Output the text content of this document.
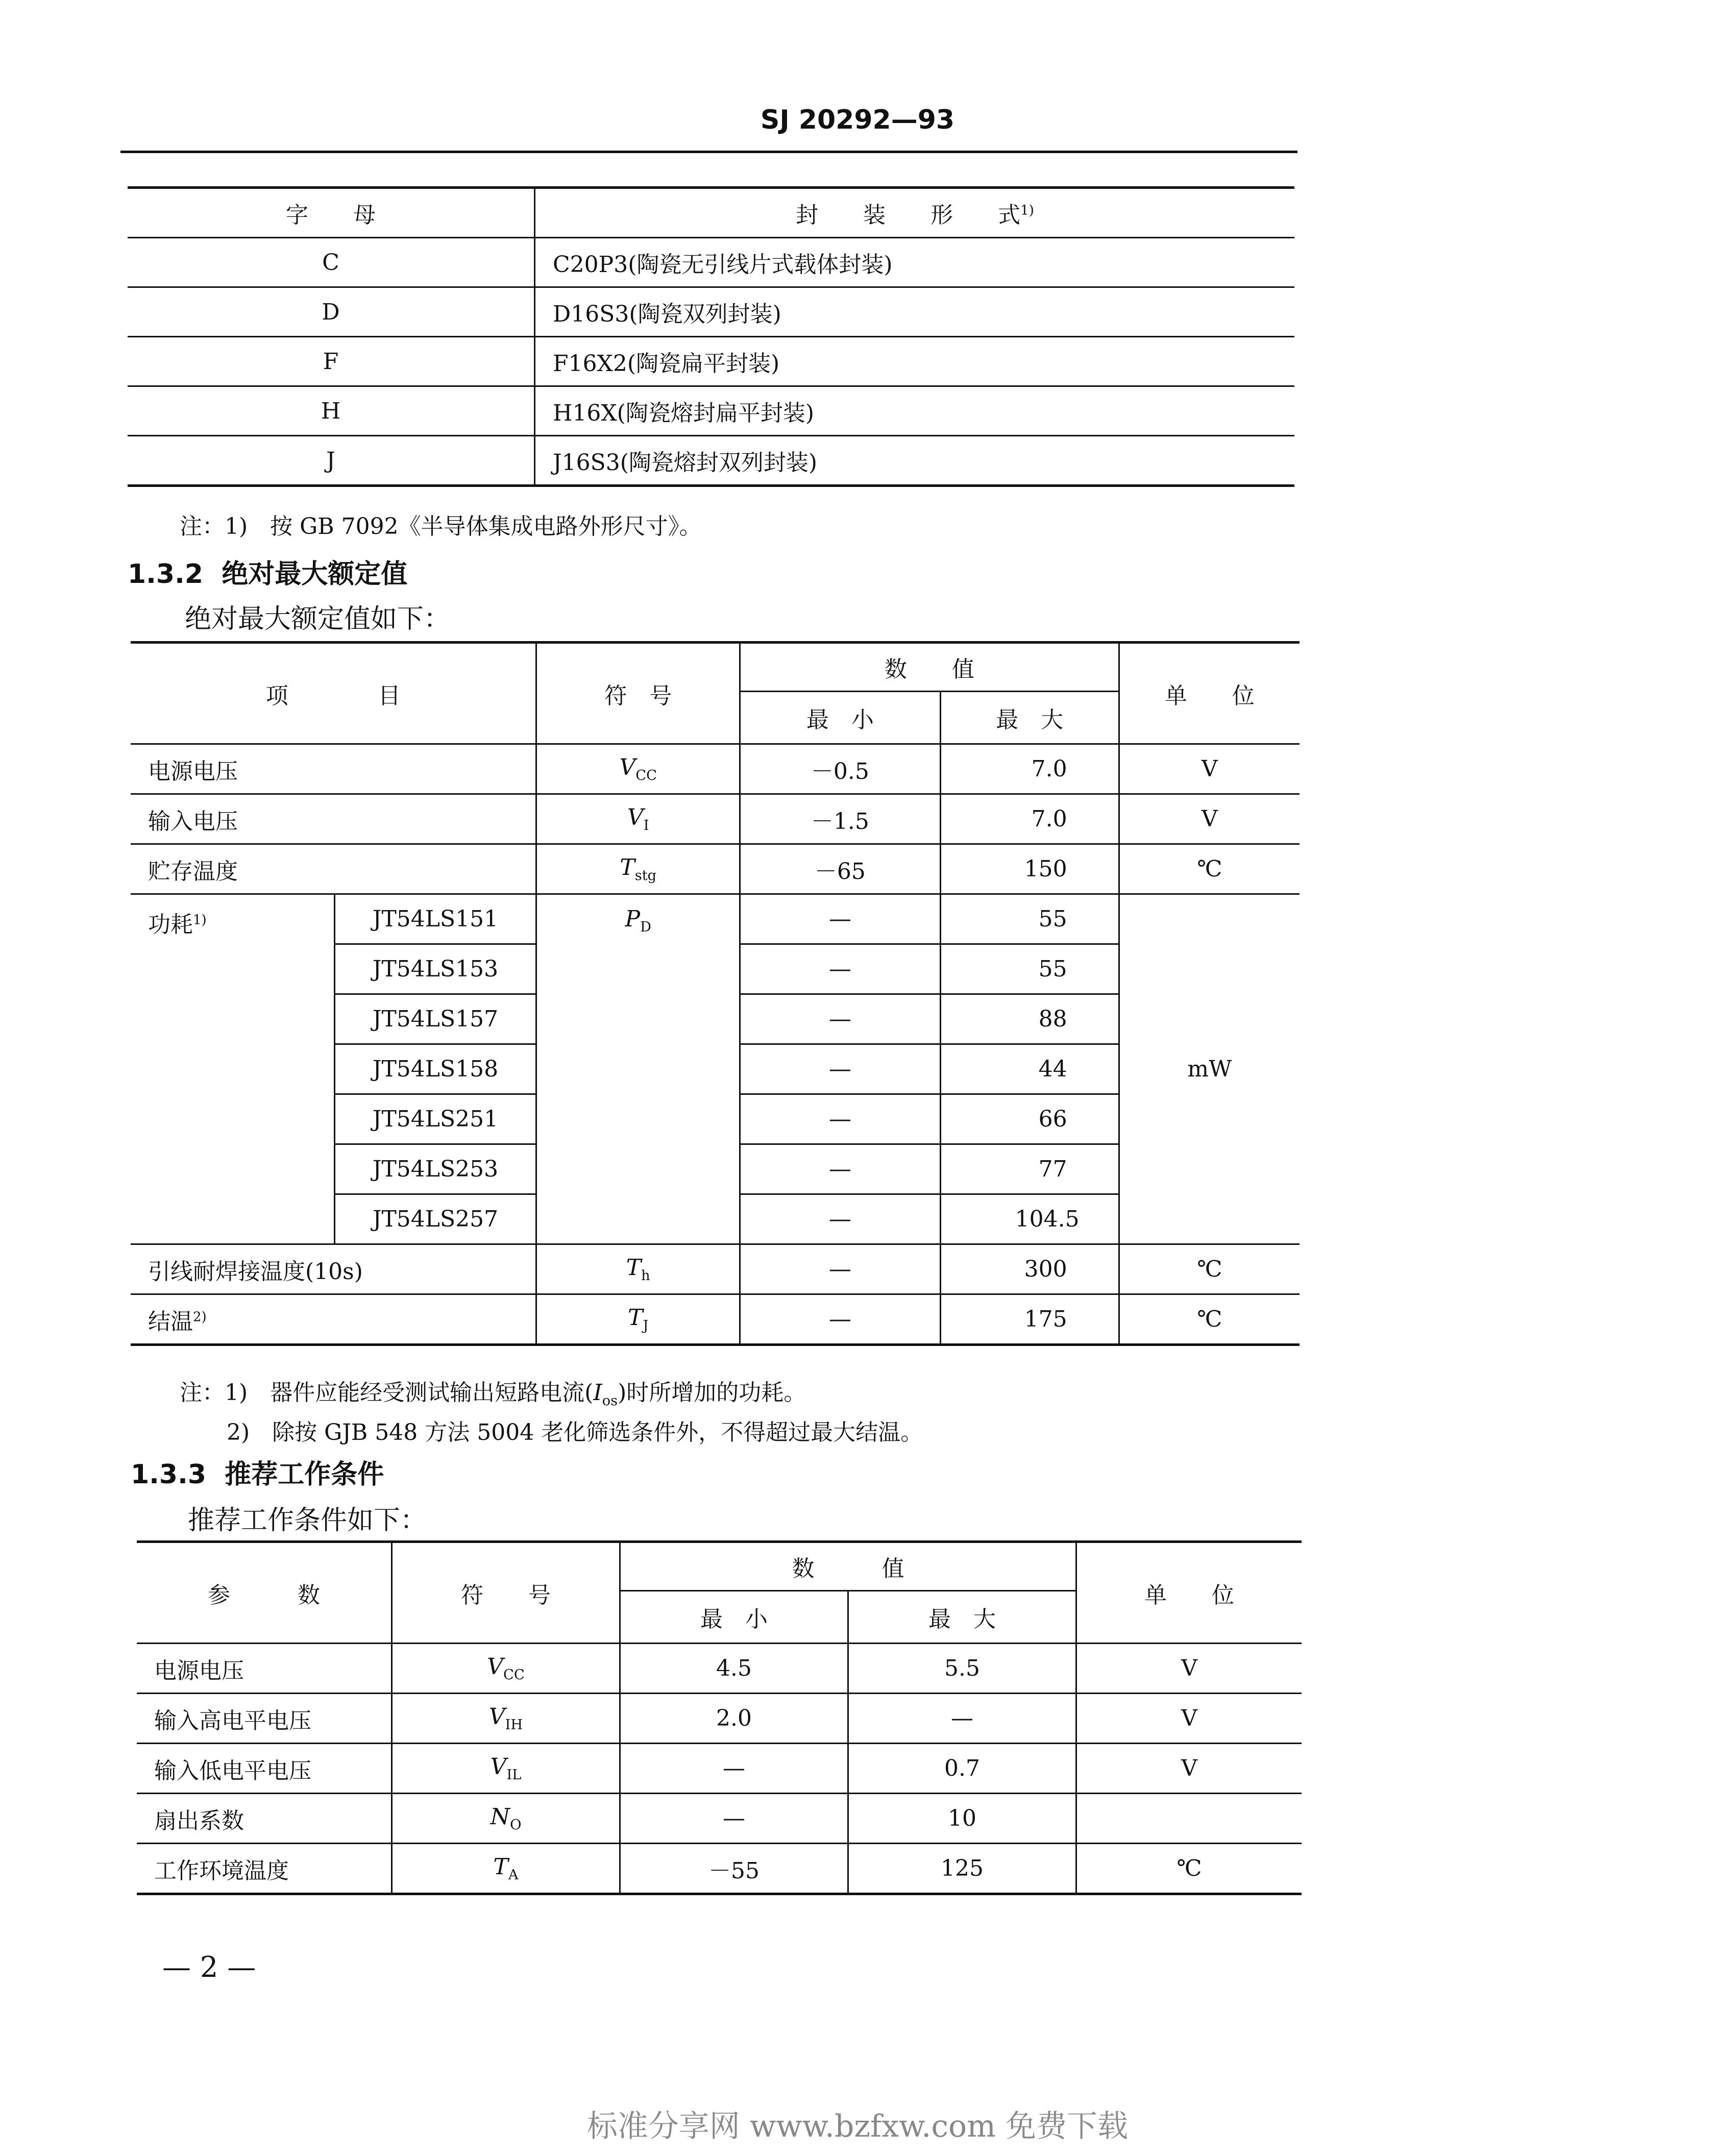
SJ 20292—93
字　　母	封　　装　　形　　式$^{1)}$
C	C20P3(陶瓷无引线片式载体封装)
D	D16S3(陶瓷双列封装)
F	F16X2(陶瓷扁平封装)
H	H16X(陶瓷熔封扁平封装)
J	J16S3(陶瓷熔封双列封装)
注：1)　按 GB 7092《半导体集成电路外形尺寸》。
1.3.2 绝对最大额定值
绝对最大额定值如下：
项　　　　目		符　号	数　　值		单　　位
			最　小	最　大	
电源电压		$V_{CC}$	－0.5	7.0	V
输入电压		$V_I$	－1.5	7.0	V
贮存温度		$T_{stg}$	－65	150	℃
功耗$^{1)}$	JT54LS151	$P_D$	—	55	mW
	JT54LS153		—	55	
	JT54LS157		—	88	
	JT54LS158		—	44	
	JT54LS251		—	66	
	JT54LS253		—	77	
	JT54LS257		—	104.5	
引线耐焊接温度(10s)		$T_h$	—	300	℃
结温$^{2)}$		$T_J$	—	175	℃
注：1)　器件应能经受测试输出短路电流$(I_{os})$时所增加的功耗。
2)　除按 GJB 548 方法 5004 老化筛选条件外，不得超过最大结温。
1.3.3 推荐工作条件
推荐工作条件如下：
参　　　数	符　　号	数　　　值		单　　位
		最　小	最　大	
电源电压	$V_{CC}$	4.5	5.5	V
输入高电平电压	$V_{IH}$	2.0	—	V
输入低电平电压	$V_{IL}$	—	0.7	V
扇出系数	$N_O$	—	10	
工作环境温度	$T_A$	－55	125	℃
— 2 —
标准分享网 www.bzfxw.com 免费下载
